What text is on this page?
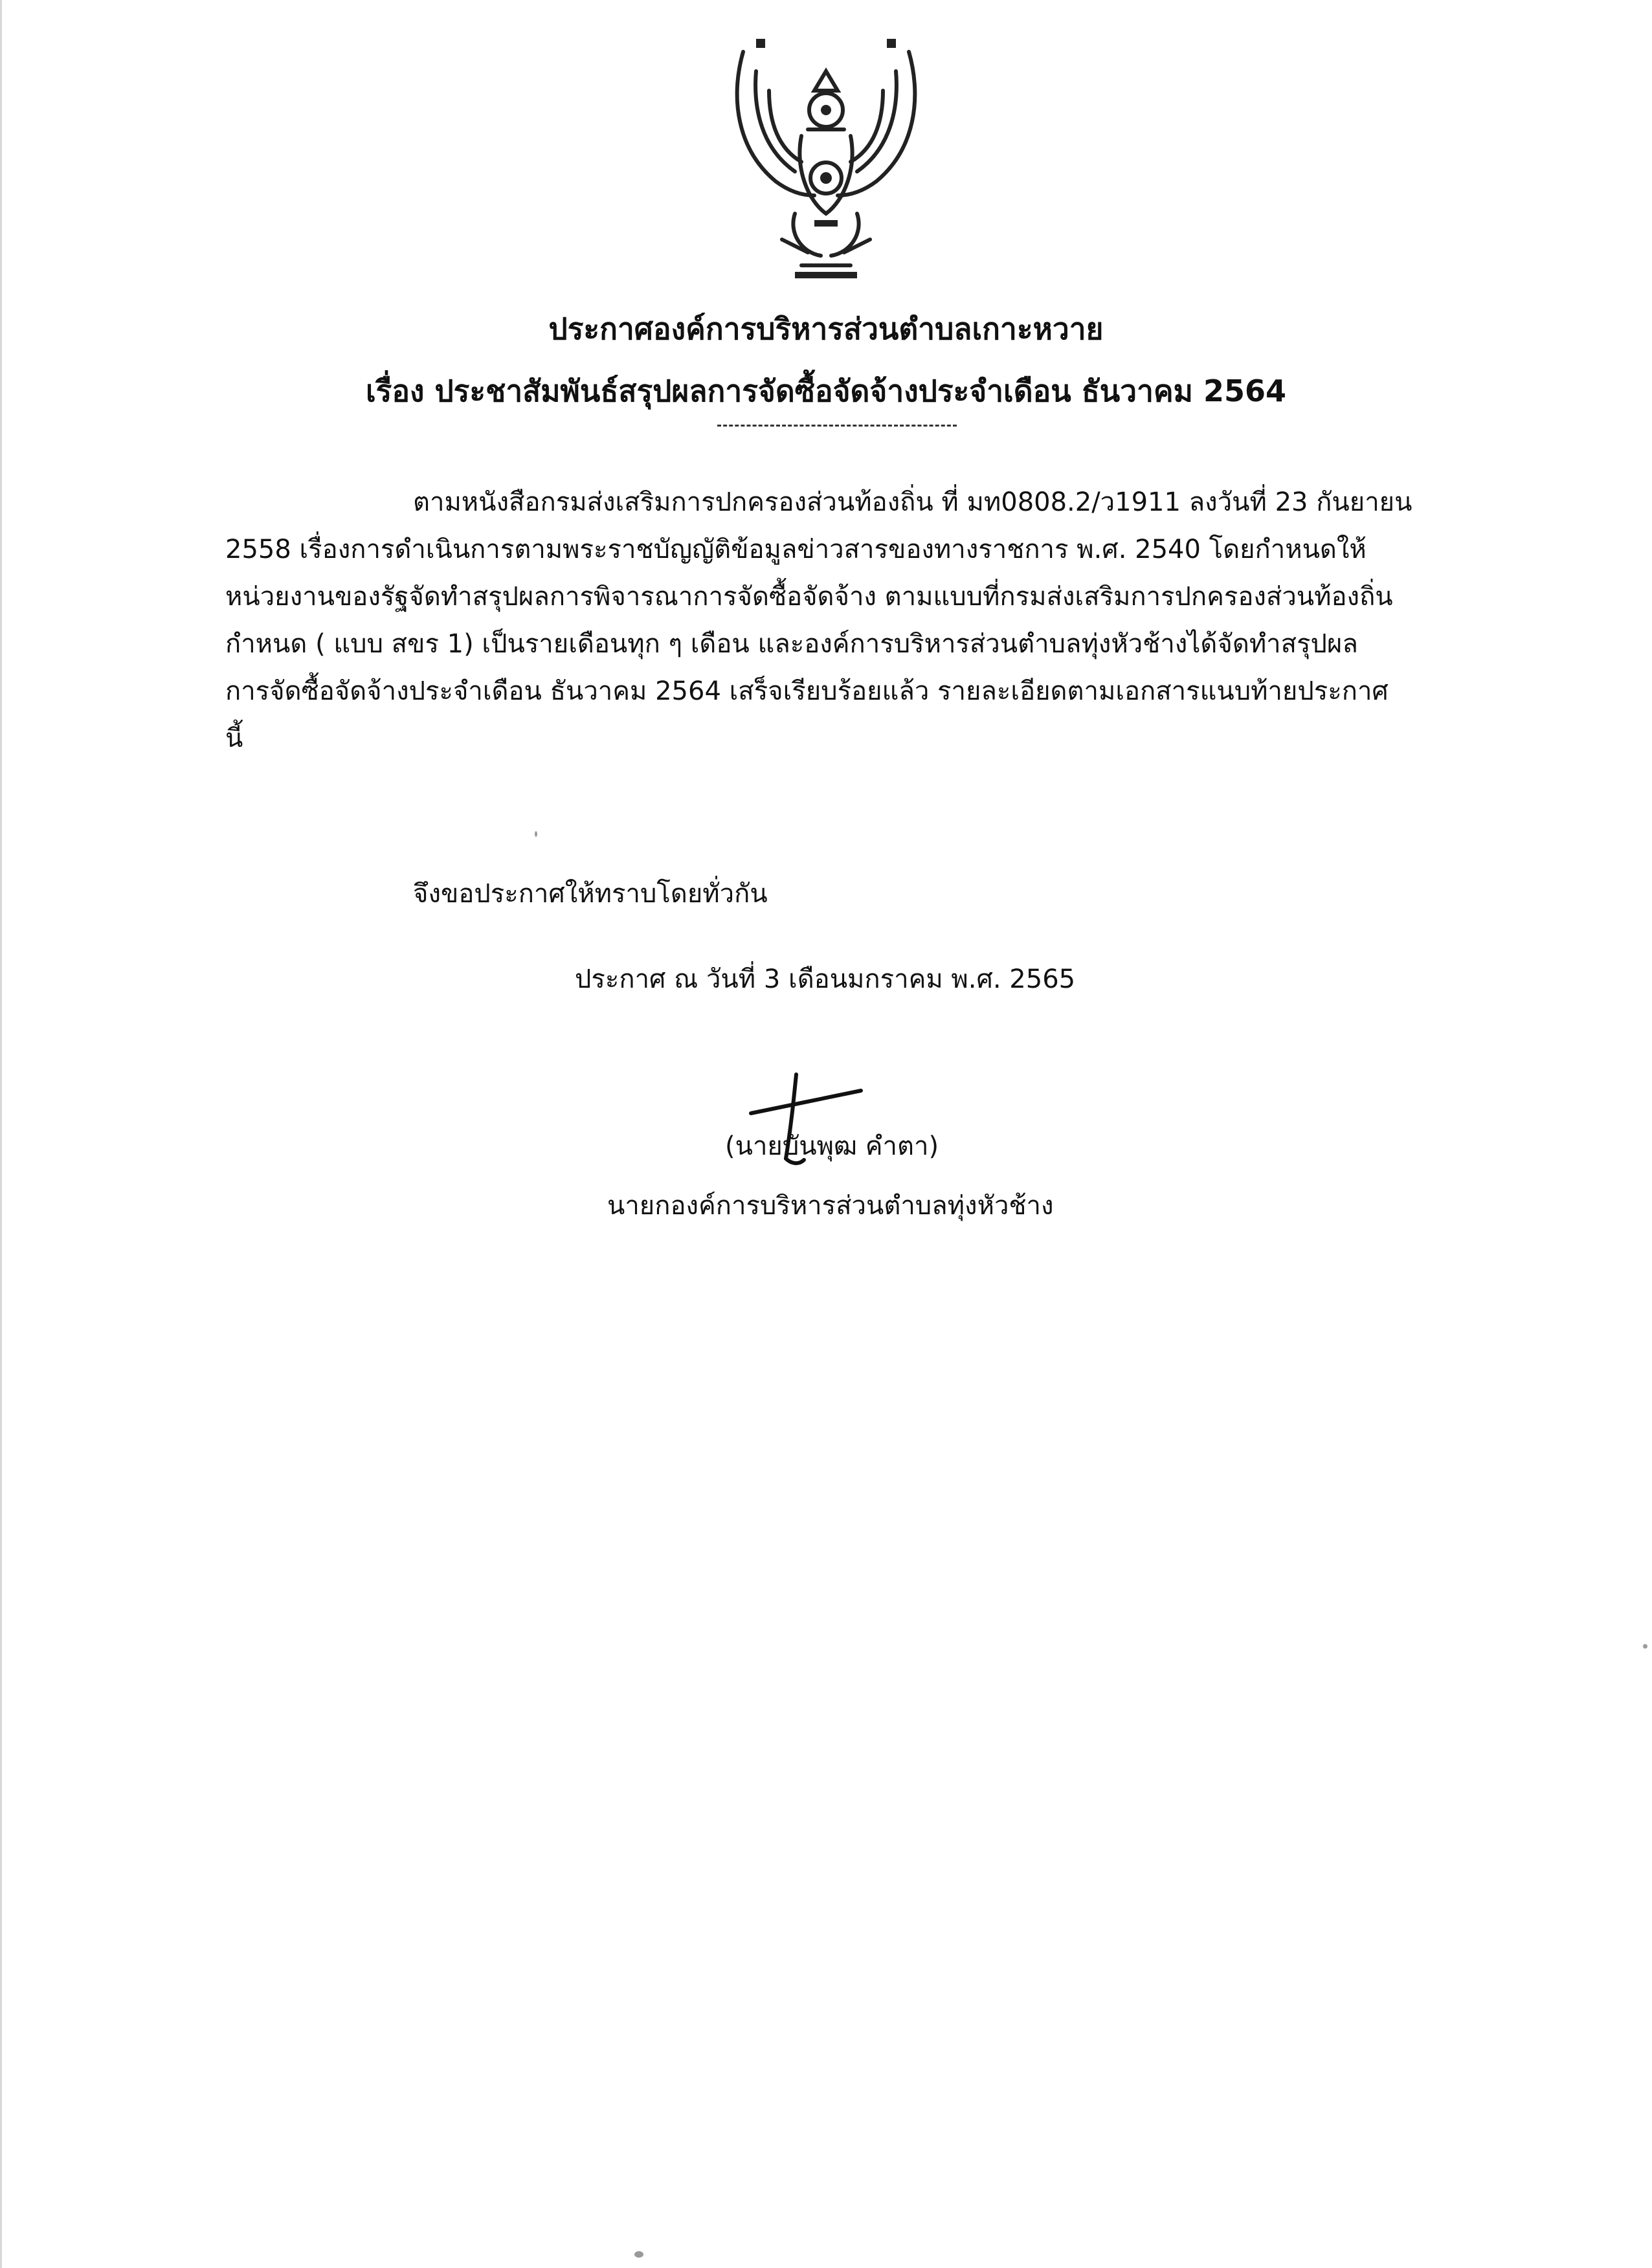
ประกาศองค์การบริหารส่วนตำบลเกาะหวาย
เรื่อง ประชาสัมพันธ์สรุปผลการจัดซื้อจัดจ้างประจำเดือน ธันวาคม 2564
ตามหนังสือกรมส่งเสริมการปกครองส่วนท้องถิ่น ที่ มท0808.2/ว1911 ลงวันที่ 23 กันยายน
2558 เรื่องการดำเนินการตามพระราชบัญญัติข้อมูลข่าวสารของทางราชการ พ.ศ. 2540 โดยกำหนดให้
หน่วยงานของรัฐจัดทำสรุปผลการพิจารณาการจัดซื้อจัดจ้าง ตามแบบที่กรมส่งเสริมการปกครองส่วนท้องถิ่น
กำหนด ( แบบ สขร 1) เป็นรายเดือนทุก ๆ เดือน และองค์การบริหารส่วนตำบลทุ่งหัวช้างได้จัดทำสรุปผล
การจัดซื้อจัดจ้างประจำเดือน ธันวาคม 2564 เสร็จเรียบร้อยแล้ว รายละเอียดตามเอกสารแนบท้ายประกาศ
นี้
จึงขอประกาศให้ทราบโดยทั่วกัน
ประกาศ ณ วันที่ 3 เดือนมกราคม พ.ศ. 2565
(นายบันพุฒ คำตา)
นายกองค์การบริหารส่วนตำบลทุ่งหัวช้าง
